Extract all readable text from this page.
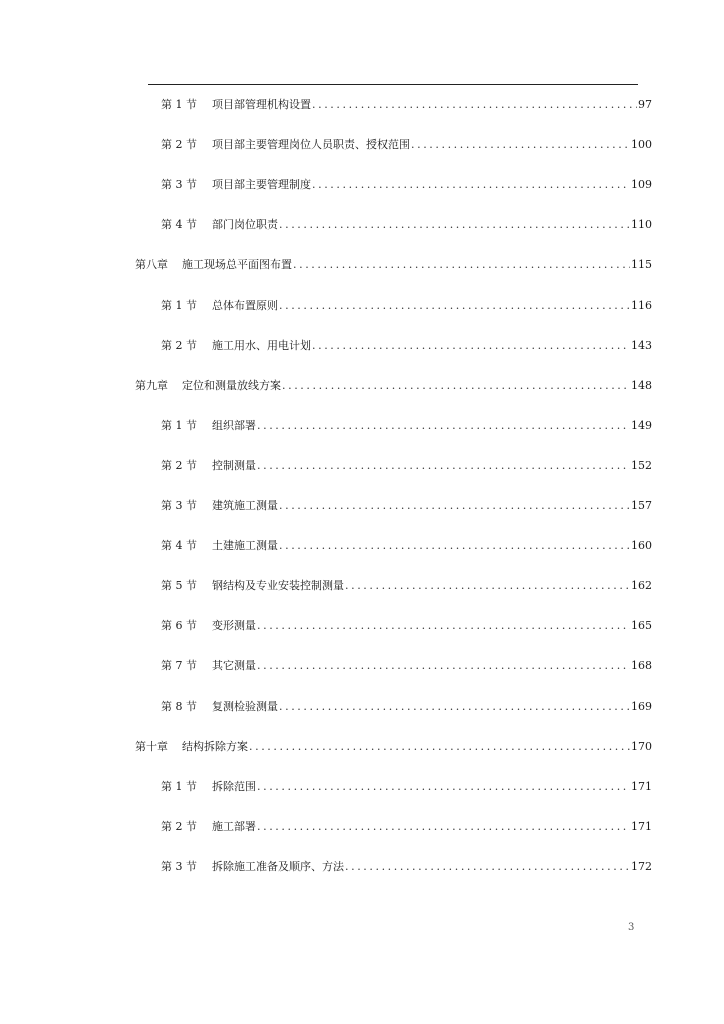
第 1 节 项目部管理机构设置 .....	97
第 2 节 项目部主要管理岗位人员职责、授权范围 .....	100
第 3 节 项目部主要管理制度 .....	109
第 4 节 部门岗位职责 .....	110
第八章 施工现场总平面图布置 .....	115
第 1 节 总体布置原则 .....	116
第 2 节 施工用水、用电计划 .....	143
第九章 定位和测量放线方案 .....	148
第 1 节 组织部署 .....	149
第 2 节 控制测量 .....	152
第 3 节 建筑施工测量 .....	157
第 4 节 土建施工测量 .....	160
第 5 节 钢结构及专业安装控制测量 .....	162
第 6 节 变形测量 .....	165
第 7 节 其它测量 .....	168
第 8 节 复测检验测量 .....	169
第十章 结构拆除方案 .....	170
第 1 节 拆除范围 .....	171
第 2 节 施工部署 .....	171
第 3 节 拆除施工准备及顺序、方法 .....	172
3
